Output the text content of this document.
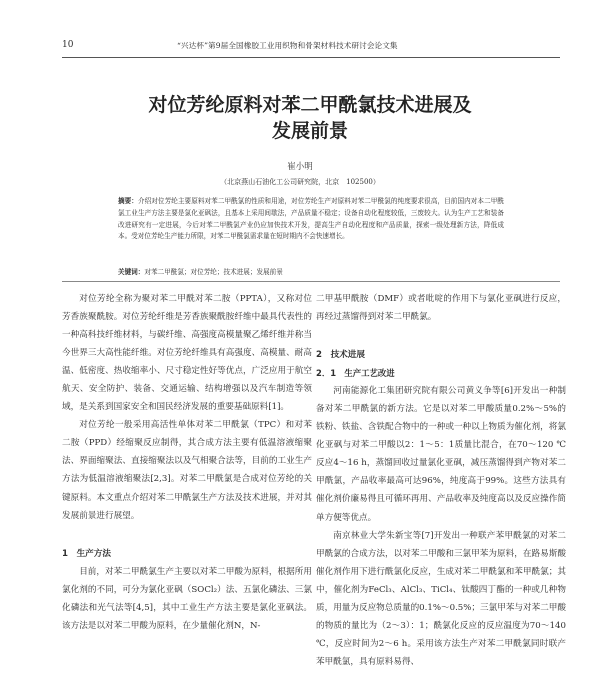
10	“兴达杯”第9届全国橡胶工业用织物和骨架材料技术研讨会论文集
对位芳纶原料对苯二甲酰氯技术进展及
发展前景
崔小明
（北京燕山石油化工公司研究院，北京　102500）
摘要：介绍对位芳纶主要原料对苯二甲酰氯的性质和用途，对位芳纶生产对原料对苯二甲酰氯的纯度要求很高，目前国内对本二甲酰氯工业生产方法主要是氯化亚砜法，且基本上采用间歇法，产品质量不稳定；设备自动化程度较低，三废较大。认为生产工艺和装备改进研究有一定进展，今后对苯二甲酰氯产业仍应加快技术开发，提高生产自动化程度和产品质量，探索一级处理新方法，降低成本。受对位芳纶生产能力所限，对苯二甲酰氯需求量在短时期内不会快速增长。
关键词：对苯二甲酰氯；对位芳纶；技术进展；发展前景

对位芳纶全称为聚对苯二甲酰对苯二胺（PPTA），又称对位芳香族聚酰胺。对位芳纶纤维是芳香族聚酰胺纤维中最具代表性的一种高科技纤维材料，与碳纤维、高强度高模量聚乙烯纤维并称当今世界三大高性能纤维。对位芳纶纤维具有高强度、高模量、耐高温、低密度、热收缩率小、尺寸稳定性好等优点，广泛应用于航空航天、安全防护、装备、交通运输、结构增强以及汽车制造等领域，是关系到国家安全和国民经济发展的重要基础原料[1]。

对位芳纶一般采用高活性单体对苯二甲酰氯（TPC）和对苯二胺（PPD）经缩聚反应制得，其合成方法主要有低温溶液缩聚法、界面缩聚法、直接缩聚法以及气相聚合法等，目前的工业生产方法为低温溶液缩聚法[2,3]。对苯二甲酰氯是合成对位芳纶的关键原料。本文重点介绍对苯二甲酰氯生产方法及技术进展，并对其发展前景进行展望。

1　生产方法

目前，对苯二甲酰氯生产主要以对苯二甲酸为原料，根据所用氯化剂的不同，可分为氯化亚砜（SOCl₂）法、五氯化磷法、三氯化磷法和光气法等[4,5]，其中工业生产方法主要是氯化亚砜法。该方法是以对苯二甲酸为原料，在少量催化剂N，N-

二甲基甲酰胺（DMF）或者吡啶的作用下与氯化亚砜进行反应，再经过蒸馏得到对苯二甲酰氯。

2　技术进展
2．1　生产工艺改进

河南能源化工集团研究院有限公司黄义争等[6]开发出一种制备对苯二甲酰氯的新方法。它是以对苯二甲酸质量0.2%～5%的铁粉、铁盐、含铁配合物中的一种或一种以上物质为催化剂，将氯化亚砜与对苯二甲酸以2：1～5：1质量比混合，在70～120 ℃反应4～16 h，蒸馏回收过量氯化亚砜，减压蒸馏得到产物对苯二甲酰氯，产品收率最高可达96%，纯度高于99%。这些方法具有催化剂价廉易得且可循环再用、产品收率及纯度高以及反应操作简单方便等优点。

南京林业大学朱新宝等[7]开发出一种联产苯甲酰氯的对苯二甲酰氯的合成方法，以对苯二甲酸和三氯甲苯为原料，在路易斯酸催化剂作用下进行酰氯化反应，生成对苯二甲酰氯和苯甲酰氯；其中，催化剂为FeCl₃、AlCl₃、TiCl₄、钛酸四丁酯的一种或几种物质，用量为反应物总质量的0.1%～0.5%；三氯甲苯与对苯二甲酸的物质的量比为（2～3）：1；酰氯化反应的反应温度为70～140 ℃，反应时间为2～6 h。采用该方法生产对苯二甲酰氯同时联产苯甲酰氯，具有原料易得、
